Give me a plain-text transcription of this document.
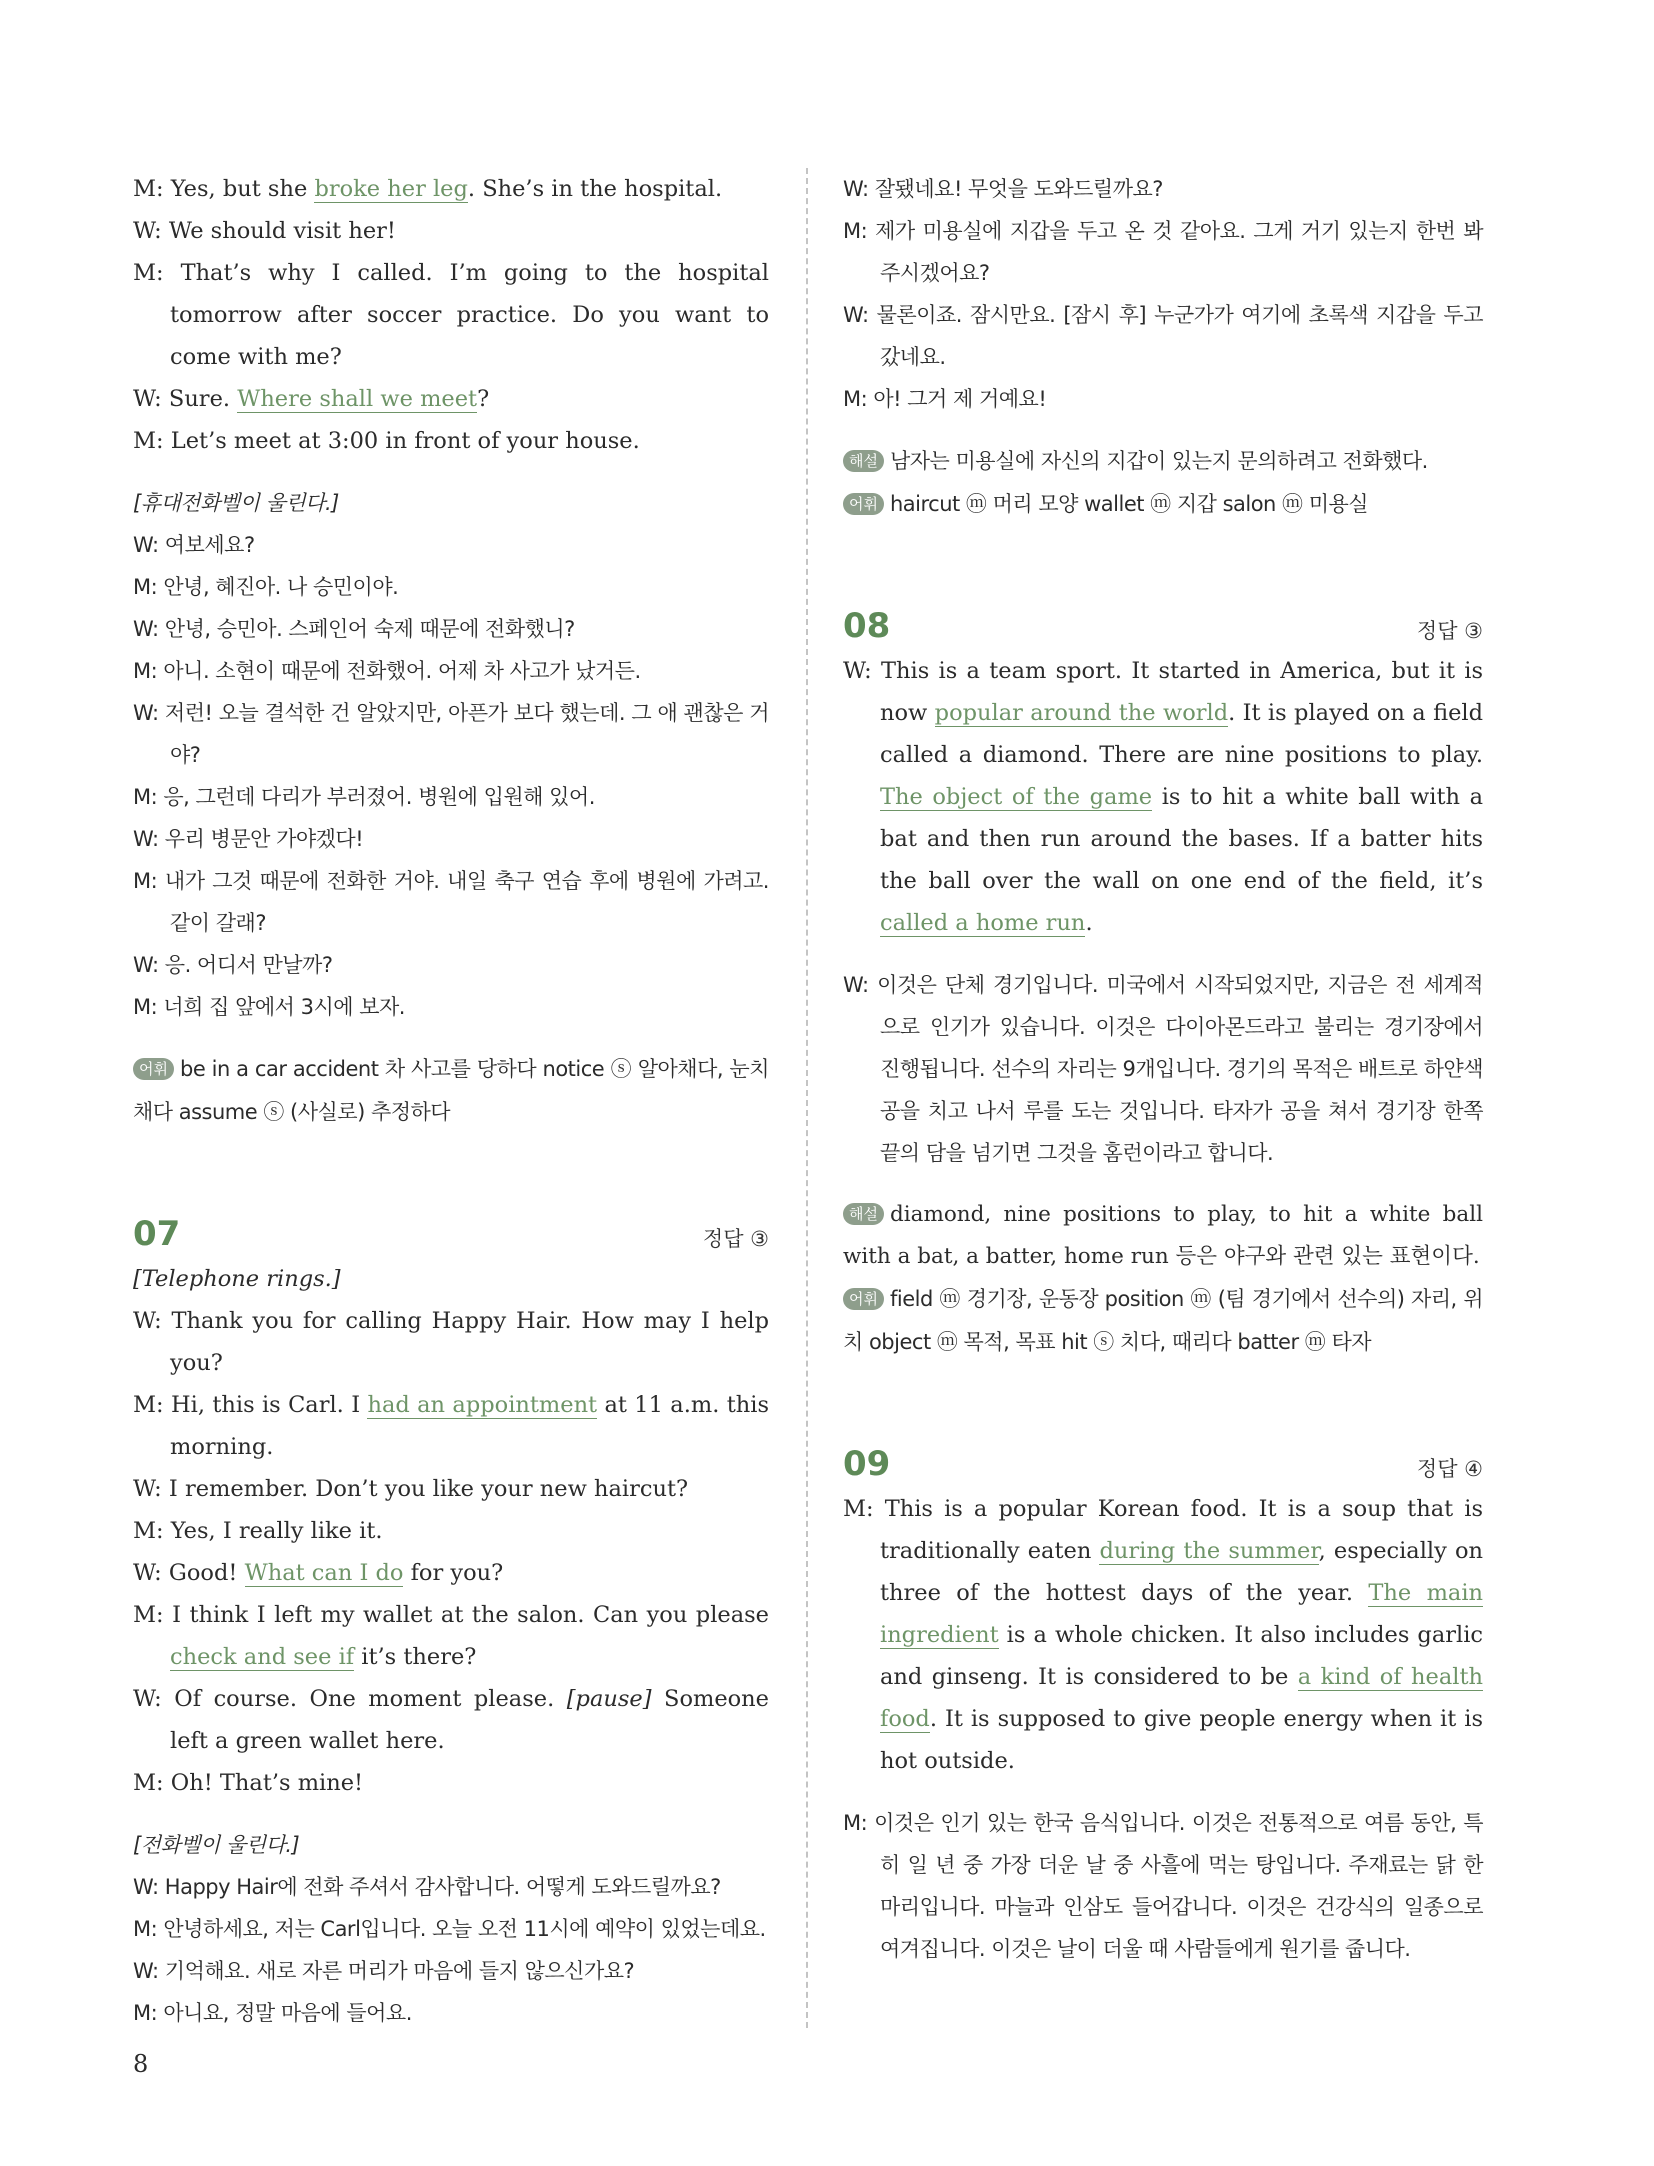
M: Yes, but she broke her leg. She’s in the hospital.
W: We should visit her!
M: That’s why I called. I’m going to the hospital tomorrow after soccer practice. Do you want to come with me?
W: Sure. Where shall we meet?
M: Let’s meet at 3:00 in front of your house.
[휴대전화벨이 울린다.]
W: 여보세요?
M: 안녕, 혜진아. 나 승민이야.
W: 안녕, 승민아. 스페인어 숙제 때문에 전화했니?
M: 아니. 소현이 때문에 전화했어. 어제 차 사고가 났거든.
W: 저런! 오늘 결석한 건 알았지만, 아픈가 보다 했는데. 그 애 괜찮은 거야?
M: 응, 그런데 다리가 부러졌어. 병원에 입원해 있어.
W: 우리 병문안 가야겠다!
M: 내가 그것 때문에 전화한 거야. 내일 축구 연습 후에 병원에 가려고. 같이 갈래?
W: 응. 어디서 만날까?
M: 너희 집 앞에서 3시에 보자.
어휘 be in a car accident 차 사고를 당하다 notice ⓢ 알아채다, 눈치채다 assume ⓢ (사실로) 추정하다
07	정답 ③
[Telephone rings.]
W: Thank you for calling Happy Hair. How may I help you?
M: Hi, this is Carl. I had an appointment at 11 a.m. this morning.
W: I remember. Don’t you like your new haircut?
M: Yes, I really like it.
W: Good! What can I do for you?
M: I think I left my wallet at the salon. Can you please check and see if it’s there?
W: Of course. One moment please. [pause] Someone left a green wallet here.
M: Oh! That’s mine!
[전화벨이 울린다.]
W: Happy Hair에 전화 주셔서 감사합니다. 어떻게 도와드릴까요?
M: 안녕하세요, 저는 Carl입니다. 오늘 오전 11시에 예약이 있었는데요.
W: 기억해요. 새로 자른 머리가 마음에 들지 않으신가요?
M: 아니요, 정말 마음에 들어요.
W: 잘됐네요! 무엇을 도와드릴까요?
M: 제가 미용실에 지갑을 두고 온 것 같아요. 그게 거기 있는지 한번 봐 주시겠어요?
W: 물론이죠. 잠시만요. [잠시 후] 누군가가 여기에 초록색 지갑을 두고 갔네요.
M: 아! 그거 제 거예요!
해설 남자는 미용실에 자신의 지갑이 있는지 문의하려고 전화했다.
어휘 haircut ⓜ 머리 모양 wallet ⓜ 지갑 salon ⓜ 미용실
08	정답 ③
W: This is a team sport. It started in America, but it is now popular around the world. It is played on a field called a diamond. There are nine positions to play. The object of the game is to hit a white ball with a bat and then run around the bases. If a batter hits the ball over the wall on one end of the field, it’s called a home run.
W: 이것은 단체 경기입니다. 미국에서 시작되었지만, 지금은 전 세계적으로 인기가 있습니다. 이것은 다이아몬드라고 불리는 경기장에서 진행됩니다. 선수의 자리는 9개입니다. 경기의 목적은 배트로 하얀색 공을 치고 나서 루를 도는 것입니다. 타자가 공을 쳐서 경기장 한쪽 끝의 담을 넘기면 그것을 홈런이라고 합니다.
해설 diamond, nine positions to play, to hit a white ball with a bat, a batter, home run 등은 야구와 관련 있는 표현이다.
어휘 field ⓜ 경기장, 운동장 position ⓜ (팀 경기에서 선수의) 자리, 위치 object ⓜ 목적, 목표 hit ⓢ 치다, 때리다 batter ⓜ 타자
09	정답 ④
M: This is a popular Korean food. It is a soup that is traditionally eaten during the summer, especially on three of the hottest days of the year. The main ingredient is a whole chicken. It also includes garlic and ginseng. It is considered to be a kind of health food. It is supposed to give people energy when it is hot outside.
M: 이것은 인기 있는 한국 음식입니다. 이것은 전통적으로 여름 동안, 특히 일 년 중 가장 더운 날 중 사흘에 먹는 탕입니다. 주재료는 닭 한 마리입니다. 마늘과 인삼도 들어갑니다. 이것은 건강식의 일종으로 여겨집니다. 이것은 날이 더울 때 사람들에게 원기를 줍니다.
8
